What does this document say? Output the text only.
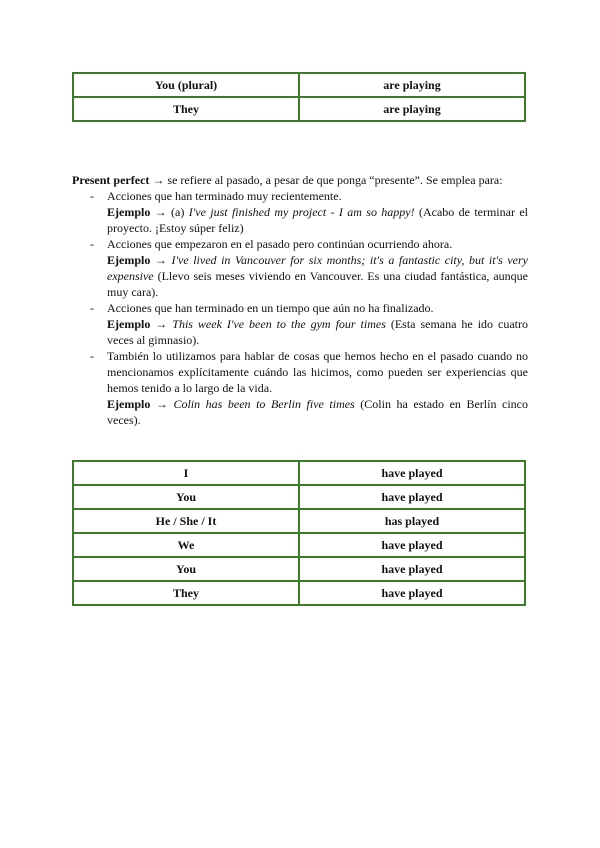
You (plural)	are playing
They	are playing
Present perfect → se refiere al pasado, a pesar de que ponga “presente”. Se emplea para:
- Acciones que han terminado muy recientemente.
Ejemplo → (a) I've just finished my project - I am so happy! (Acabo de terminar el proyecto. ¡Estoy súper feliz)
- Acciones que empezaron en el pasado pero continúan ocurriendo ahora.
Ejemplo → I've lived in Vancouver for six months; it's a fantastic city, but it's very expensive (Llevo seis meses viviendo en Vancouver. Es una ciudad fantástica, aunque muy cara).
- Acciones que han terminado en un tiempo que aún no ha finalizado.
Ejemplo → This week I've been to the gym four times (Esta semana he ido cuatro veces al gimnasio).
- También lo utilizamos para hablar de cosas que hemos hecho en el pasado cuando no mencionamos explícitamente cuándo las hicimos, como pueden ser experiencias que hemos tenido a lo largo de la vida.
Ejemplo → Colin has been to Berlin five times (Colin ha estado en Berlín cinco veces).
I	have played
You	have played
He / She / It	has played
We	have played
You	have played
They	have played
